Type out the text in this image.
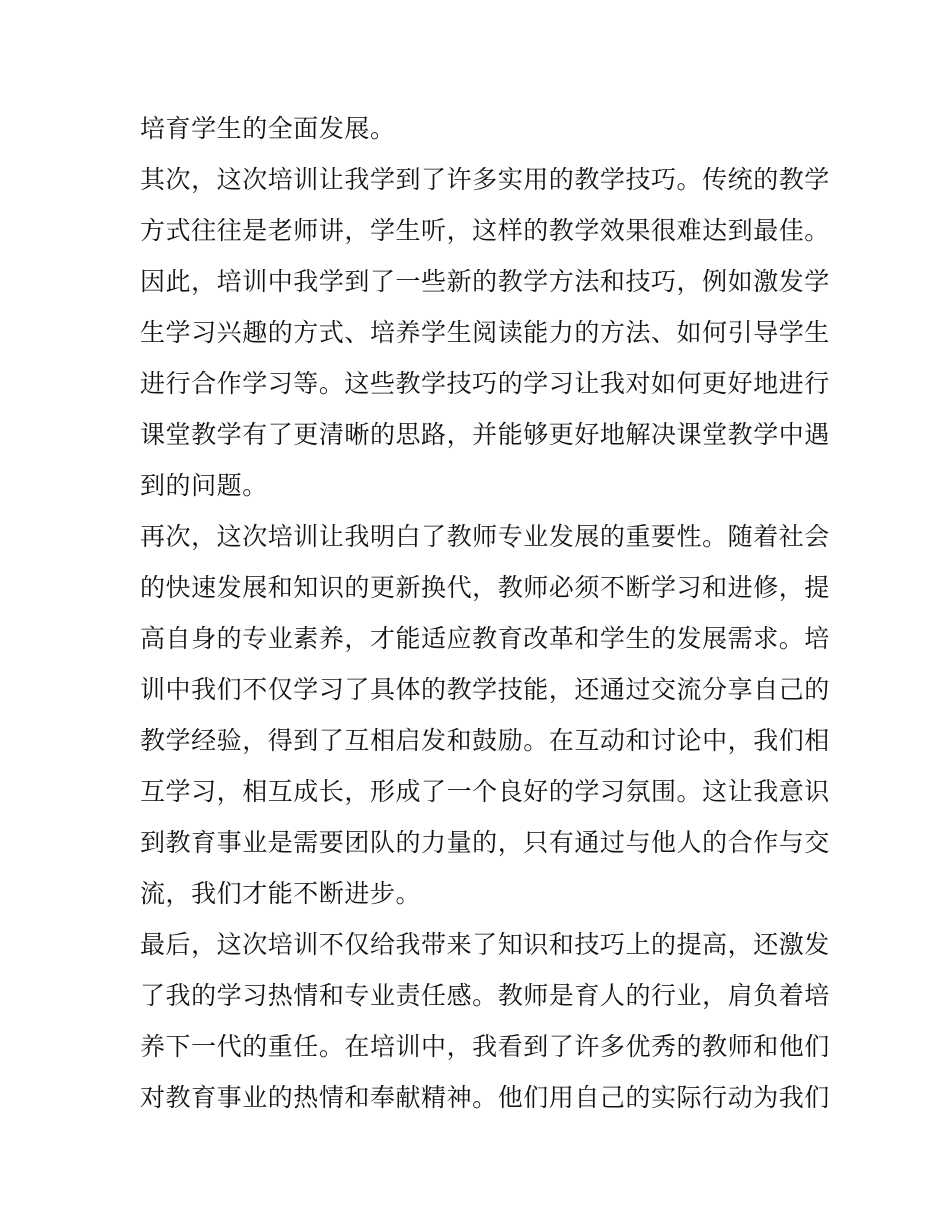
培育学生的全面发展。
其次，这次培训让我学到了许多实用的教学技巧。传统的教学
方式往往是老师讲，学生听，这样的教学效果很难达到最佳。
因此，培训中我学到了一些新的教学方法和技巧，例如激发学
生学习兴趣的方式、培养学生阅读能力的方法、如何引导学生
进行合作学习等。这些教学技巧的学习让我对如何更好地进行
课堂教学有了更清晰的思路，并能够更好地解决课堂教学中遇
到的问题。
再次，这次培训让我明白了教师专业发展的重要性。随着社会
的快速发展和知识的更新换代，教师必须不断学习和进修，提
高自身的专业素养，才能适应教育改革和学生的发展需求。培
训中我们不仅学习了具体的教学技能，还通过交流分享自己的
教学经验，得到了互相启发和鼓励。在互动和讨论中，我们相
互学习，相互成长，形成了一个良好的学习氛围。这让我意识
到教育事业是需要团队的力量的，只有通过与他人的合作与交
流，我们才能不断进步。
最后，这次培训不仅给我带来了知识和技巧上的提高，还激发
了我的学习热情和专业责任感。教师是育人的行业，肩负着培
养下一代的重任。在培训中，我看到了许多优秀的教师和他们
对教育事业的热情和奉献精神。他们用自己的实际行动为我们
